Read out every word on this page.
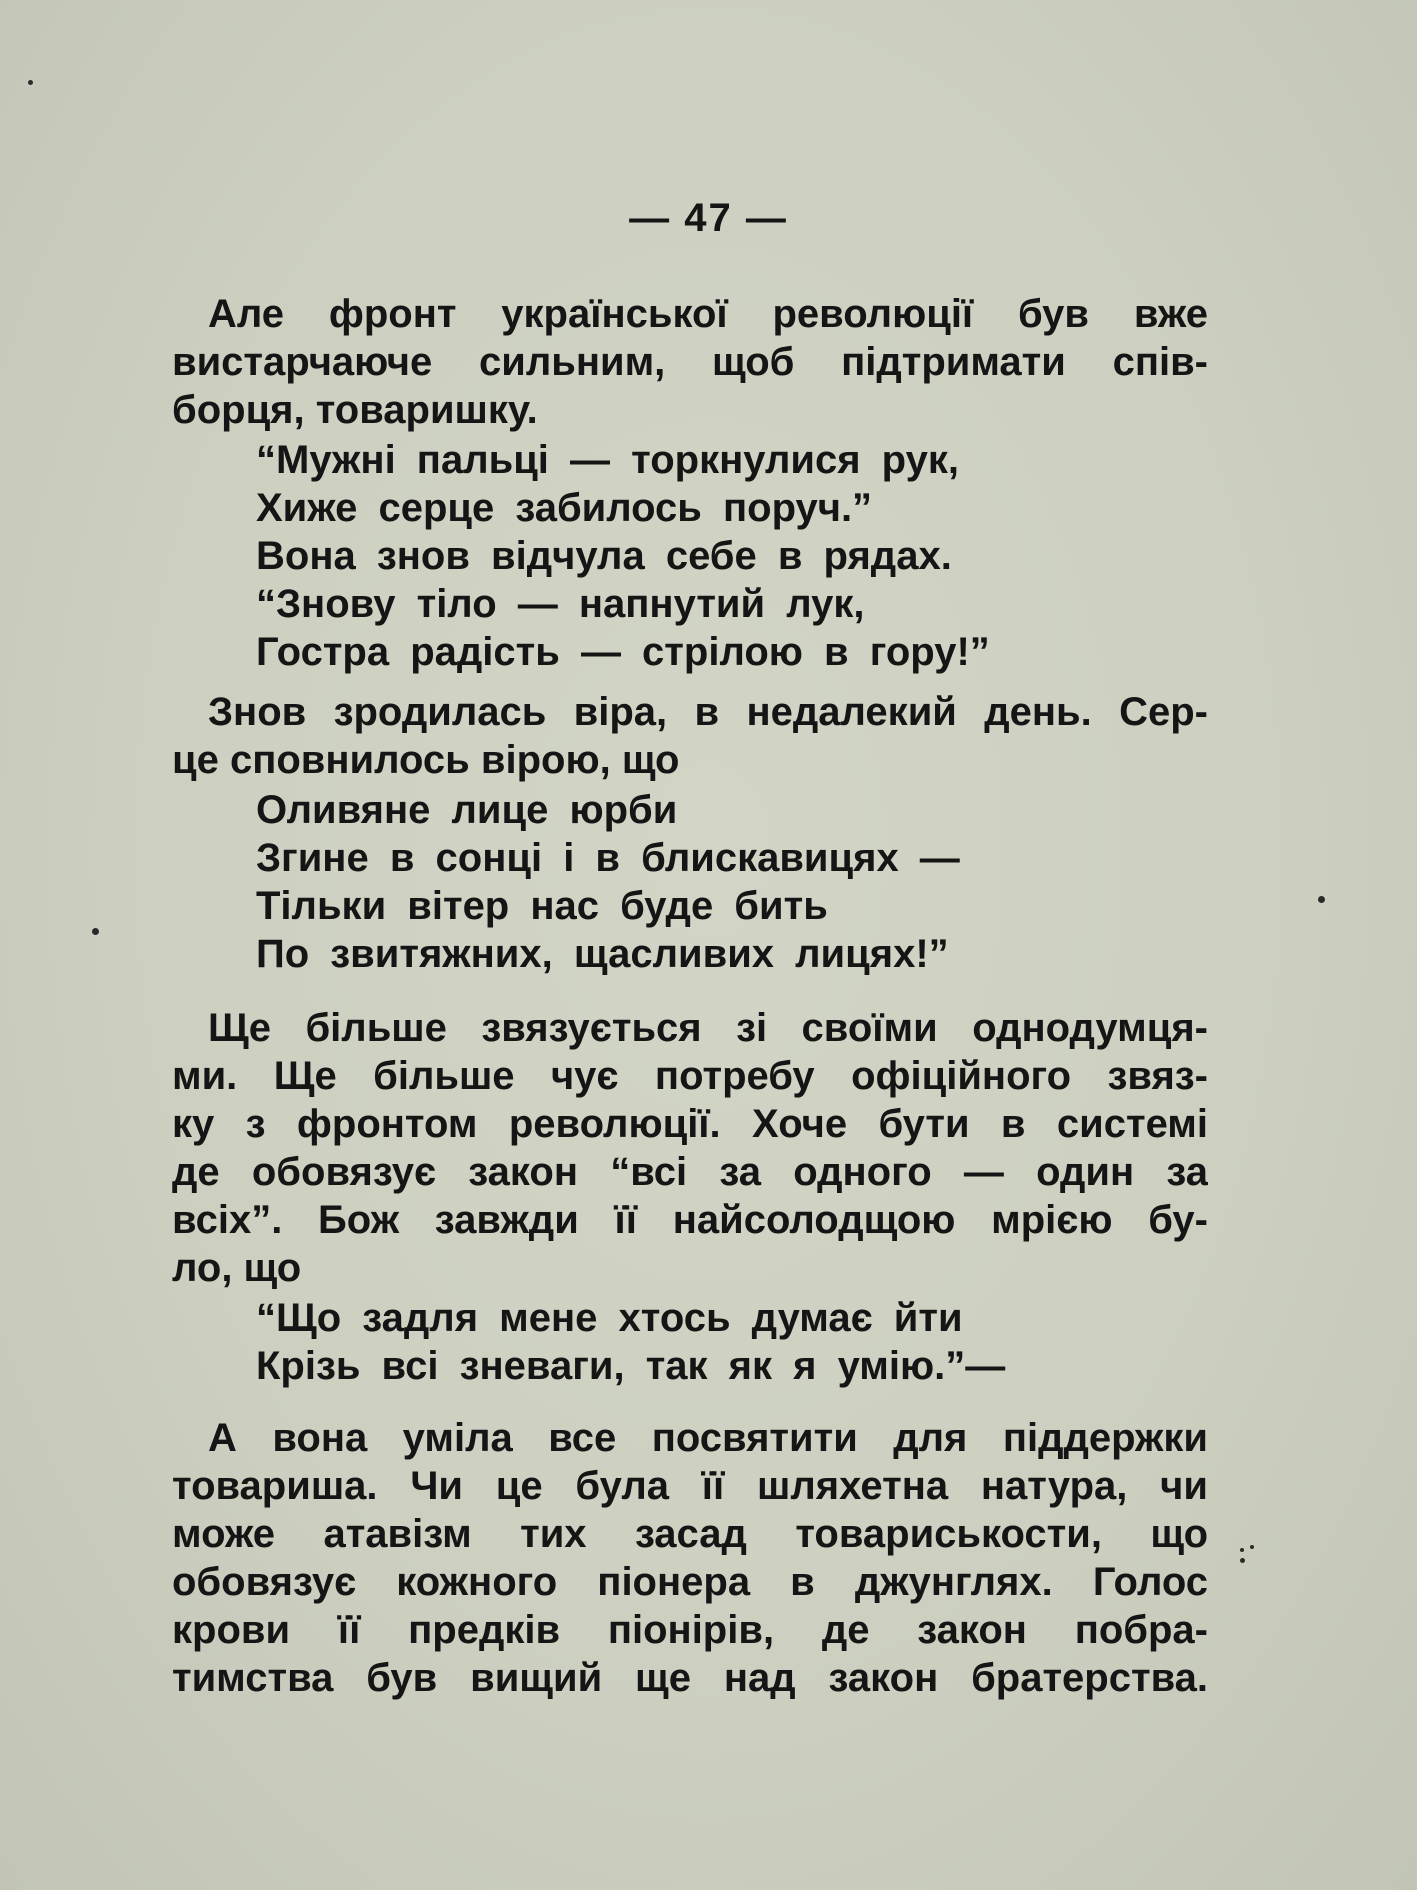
— 47 —
Але фронт української революції був вже
вистарчаюче сильним, щоб підтримати спів-
борця, товаришку.
“Мужні пальці — торкнулися рук,
Хиже серце забилось поруч.”
Вона знов відчула себе в рядах.
“Знову тіло — напнутий лук,
Гостра радість — стрілою в гору!”
Знов зродилась віра, в недалекий день. Сер-
це сповнилось вірою, що
Оливяне лице юрби
Згине в сонці і в блискавицях —
Тільки вітер нас буде бить
По звитяжних, щасливих лицях!”
Ще більше звязується зі своїми однодумця-
ми. Ще більше чує потребу офіційного звяз-
ку з фронтом революції. Хоче бути в системі
де обовязує закон “всі за одного — один за
всіх”. Бож завжди її найсолодщою мрією бу-
ло, що
“Що задля мене хтось думає йти
Крізь всі зневаги, так як я умію.”—
А вона уміла все посвятити для піддержки
товариша. Чи це була її шляхетна натура, чи
може атавізм тих засад товариськости, що
обовязує кожного піонера в джунглях. Голос
крови її предків піонірів, де закон побра-
тимства був вищий ще над закон братерства.
